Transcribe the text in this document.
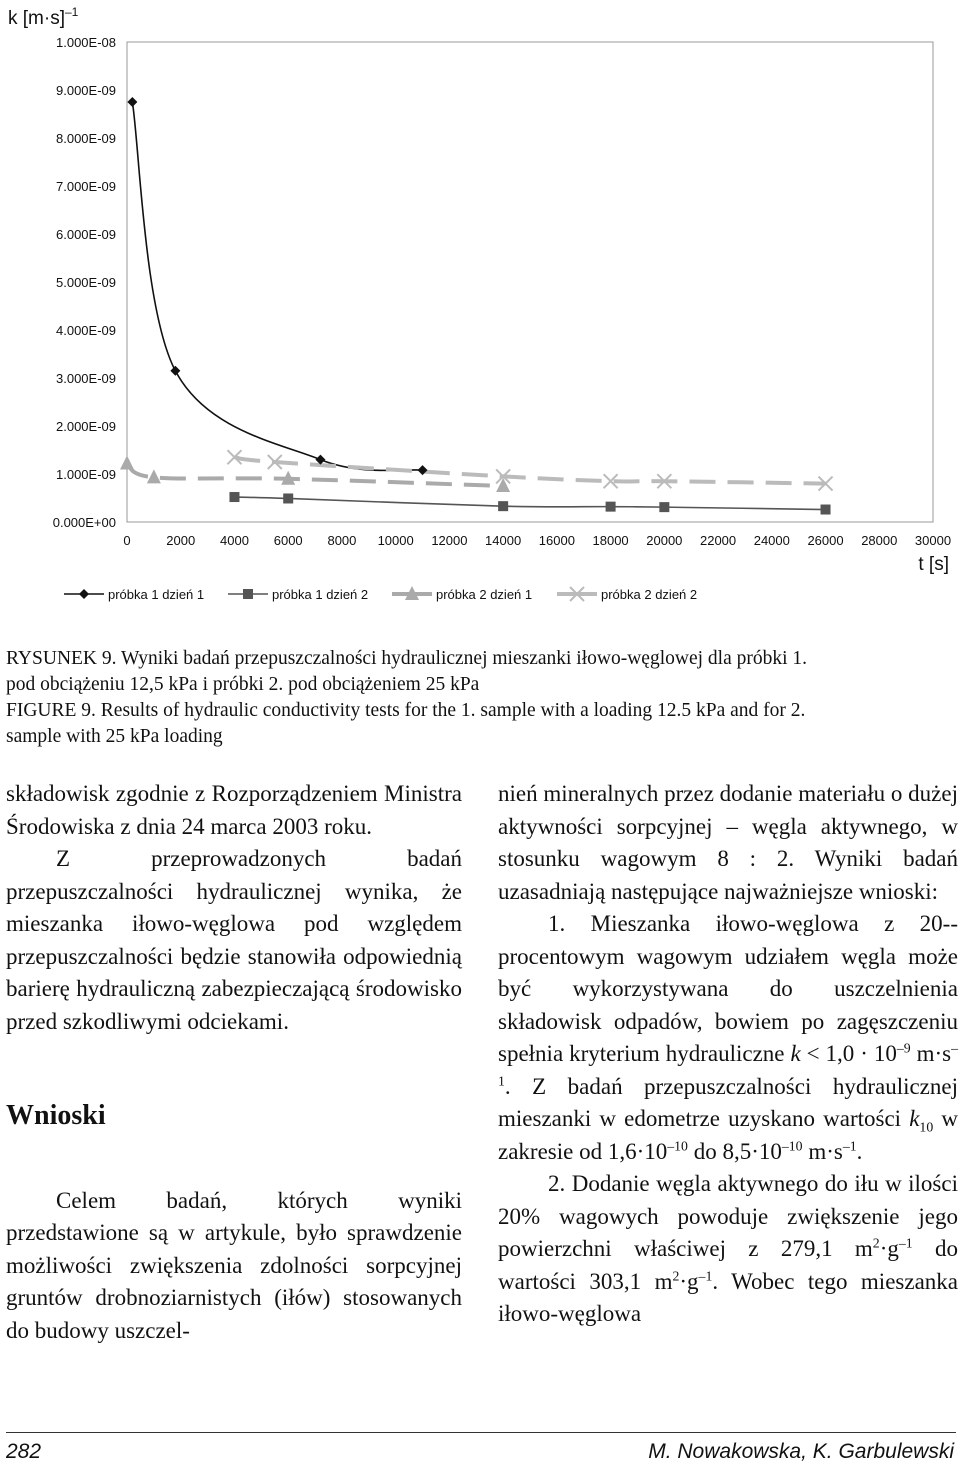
k $[m\cdot s]^{-1}$
t [s]
1.000E-08
9.000E-09
8.000E-09
7.000E-09
6.000E-09
5.000E-09
4.000E-09
3.000E-09
2.000E-09
1.000E-09
0.000E+00
0	2000 4000 6000 8000 10000 12000 14000 16000 18000 20000 22000 24000 26000 28000 30000
próbka 1 dzień 1	próbka 1 dzień 2	próbka 2 dzień 1	próbka 2 dzień 2

RYSUNEK 9. Wyniki badań przepuszczalności hydraulicznej mieszanki iłowo-węglowej dla próbki 1.

pod obciążeniu 12,5 kPa i próbki 2. pod obciążeniem 25 kPa

FIGURE 9. Results of hydraulic conductivity tests for the 1. sample with a loading 12.5 kPa and for 2.

sample with 25 kPa loading

składowisk zgodnie z Rozporządzeniem Ministra Środowiska z dnia 24 marca 2003 roku.

Z przeprowadzonych badań przepuszczalności hydraulicznej wynika, że mieszanka iłowo-węglowa pod względem przepuszczalności będzie stanowiła odpowiednią barierę hydrauliczną zabezpieczającą środowisko przed szkodliwymi odciekami.

Wnioski

Celem badań, których wyniki przedstawione są w artykule, było sprawdzenie możliwości zwiększenia zdolności sorpcyjnej gruntów drobnoziarnistych (iłów) stosowanych do budowy uszczel-

nień mineralnych przez dodanie materiału o dużej aktywności sorpcyjnej – węgla aktywnego, w stosunku wagowym 8 : 2. Wyniki badań uzasadniają następujące najważniejsze wnioski:

1. Mieszanka iłowo-węglowa z 20--procentowym wagowym udziałem węgla może być wykorzystywana do uszczelnienia składowisk odpadów, bowiem po zagęszczeniu spełnia kryterium hydrauliczne $k < 1,0 \cdot 10^{-9}$ $m\cdot s^{-1}$. Z badań przepuszczalności hydraulicznej mieszanki w edometrze uzyskano wartości $k_{10}$ w zakresie od $1,6\cdot 10^{-10}$ do $8,5\cdot 10^{-10}$ $m\cdot s^{-1}$.

2. Dodanie węgla aktywnego do iłu w ilości 20% wagowych powoduje zwiększenie jego powierzchni właściwej z 279,1 $m^2\cdot g^{-1}$ do wartości 303,1 $m^2\cdot g^{-1}$. Wobec tego mieszanka iłowo-węglowa

282	M. Nowakowska, K. Garbulewski
